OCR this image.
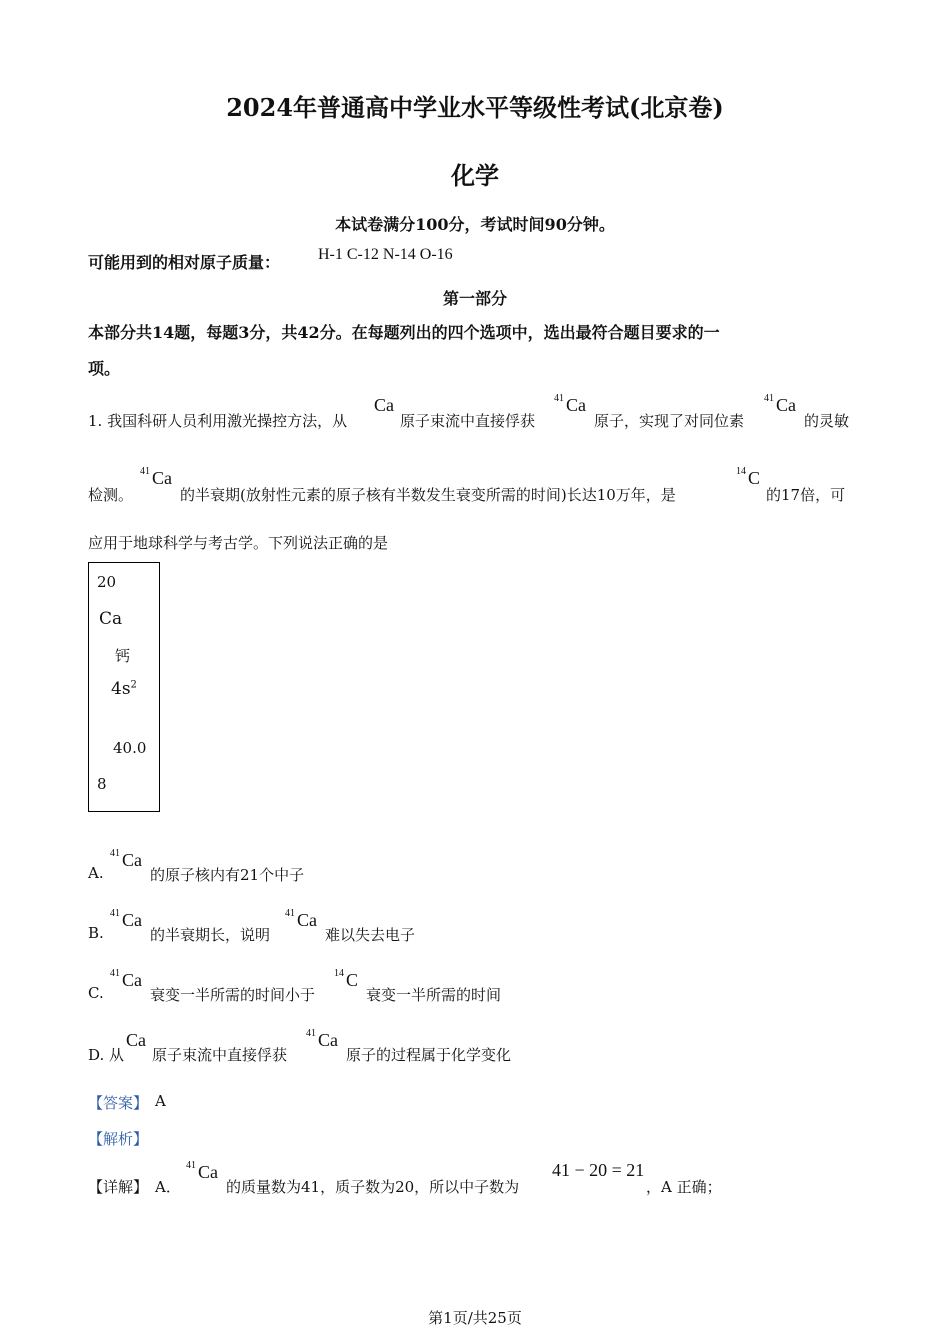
2024年普通高中学业水平等级性考试(北京卷)
化学
本试卷满分100分，考试时间90分钟。
可能用到的相对原子质量： H-1 C-12 N-14 O-16
第一部分
本部分共14题，每题3分，共42分。在每题列出的四个选项中，选出最符合题目要求的一
项。
1. 我国科研人员利用激光操控方法，从
Ca
原子束流中直接俘获
41 Ca
原子，实现了对同位素
41 Ca
的灵敏
检测。
41 Ca
的半衰期(放射性元素的原子核有半数发生衰变所需的时间)长达10万年，是
14 C
的17倍，可
应用于地球科学与考古学。下列说法正确的是
20
Ca
钙
$4s^2$
40.0
8
A.
41 Ca
的原子核内有21个中子
B.
41 Ca
的半衰期长，说明
41 Ca
难以失去电子
C.
41 Ca
衰变一半所需的时间小于
14 C
衰变一半所需的时间
D. 从
Ca
原子束流中直接俘获
41 Ca
原子的过程属于化学变化
【答案】 A
【解析】
【详解】 A．
41 Ca
的质量数为41，质子数为20，所以中子数为
41 − 20 = 21
，A 正确；
第1页/共25页
